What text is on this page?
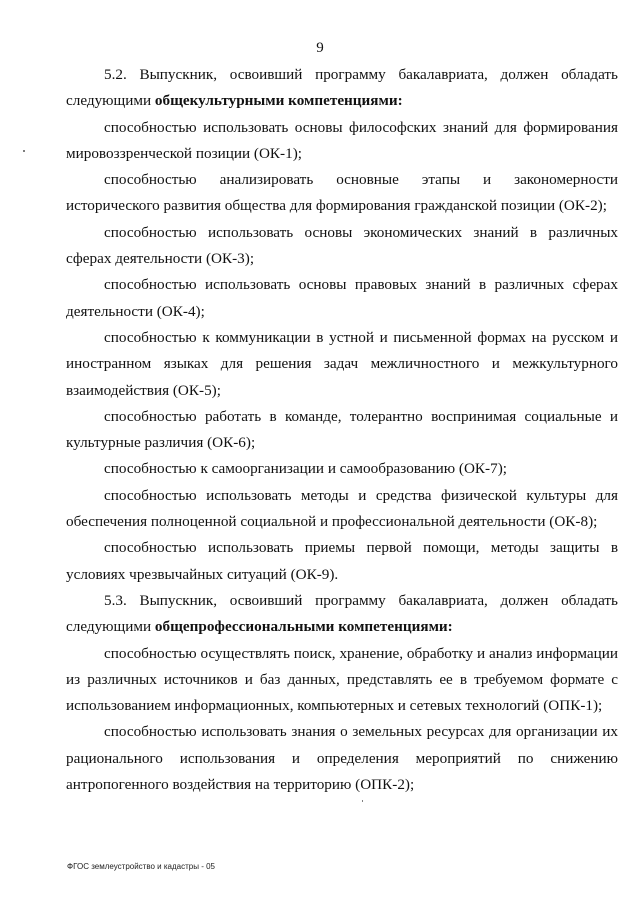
9

5.2. Выпускник, освоивший программу бакалавриата, должен обладать следующими общекультурными компетенциями:

способностью использовать основы философских знаний для формирования мировоззренческой позиции (ОК-1);

способностью анализировать основные этапы и закономерности исторического развития общества для формирования гражданской позиции (ОК-2);

способностью использовать основы экономических знаний в различных сферах деятельности (ОК-3);

способностью использовать основы правовых знаний в различных сферах деятельности (ОК-4);

способностью к коммуникации в устной и письменной формах на русском и иностранном языках для решения задач межличностного и межкультурного взаимодействия (ОК-5);

способностью работать в команде, толерантно воспринимая социальные и культурные различия (ОК-6);

способностью к самоорганизации и самообразованию (ОК-7);

способностью использовать методы и средства физической культуры для обеспечения полноценной социальной и профессиональной деятельности (ОК-8);

способностью использовать приемы первой помощи, методы защиты в условиях чрезвычайных ситуаций (ОК-9).

5.3. Выпускник, освоивший программу бакалавриата, должен обладать следующими общепрофессиональными компетенциями:

способностью осуществлять поиск, хранение, обработку и анализ информации из различных источников и баз данных, представлять ее в требуемом формате с использованием информационных, компьютерных и сетевых технологий (ОПК-1);

способностью использовать знания о земельных ресурсах для организации их рационального использования и определения мероприятий по снижению антропогенного воздействия на территорию (ОПК-2);

ФГОС землеустройство и кадастры - 05
